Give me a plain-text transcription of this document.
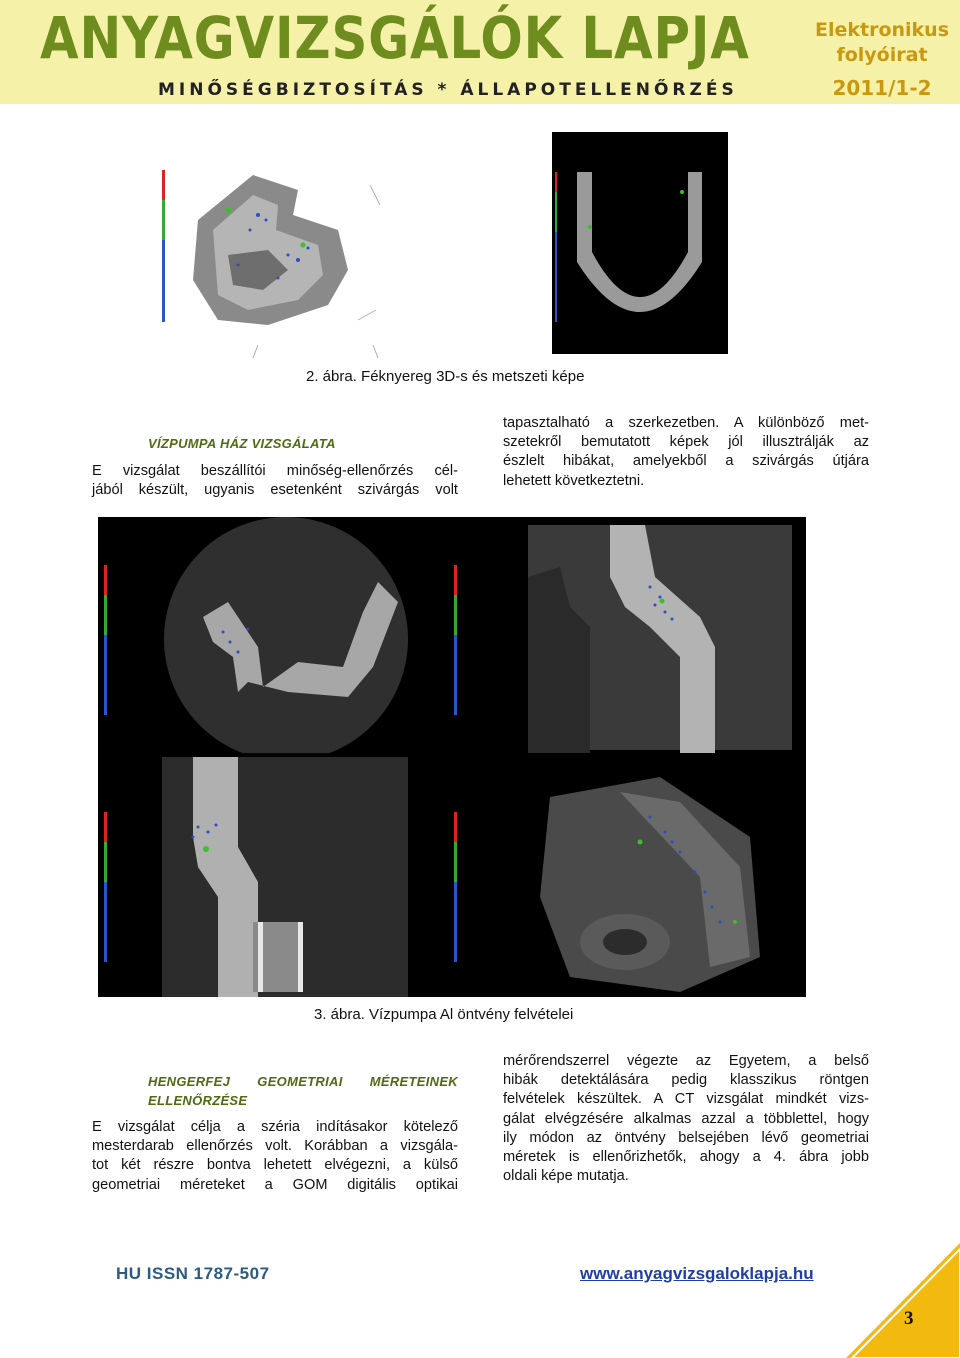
ANYAGVIZSGÁLÓK LAPJA
MINŐSÉGBIZTOSÍTÁS * ÁLLAPOTELLENŐRZÉS
Elektronikus
folyóirat
2011/1-2
2. ábra. Féknyereg 3D-s és metszeti képe
VÍZPUMPA HÁZ VIZSGÁLATA
E vizsgálat beszállítói minőség-ellenőrzés cél-
jából készült, ugyanis esetenként szivárgás volt
tapasztalható a szerkezetben. A különböző met-
szetekről bemutatott képek jól illusztrálják az
észlelt hibákat, amelyekből a szivárgás útjára
lehetett következtetni.
3. ábra. Vízpumpa Al öntvény felvételei
HENGERFEJ GEOMETRIAI MÉRETEINEK
ELLENŐRZÉSE
E vizsgálat célja a széria indításakor kötelező
mesterdarab ellenőrzés volt. Korábban a vizsgála-
tot két részre bontva lehetett elvégezni, a külső
geometriai méreteket a GOM digitális optikai
mérőrendszerrel végezte az Egyetem, a belső
hibák detektálására pedig klasszikus röntgen
felvételek készültek. A CT vizsgálat mindkét vizs-
gálat elvégzésére alkalmas azzal a többlettel, hogy
ily módon az öntvény belsejében lévő geometriai
méretek is ellenőrizhetők, ahogy a 4. ábra jobb
oldali képe mutatja.
HU ISSN 1787-507	www.anyagvizsgaloklapja.hu
3
